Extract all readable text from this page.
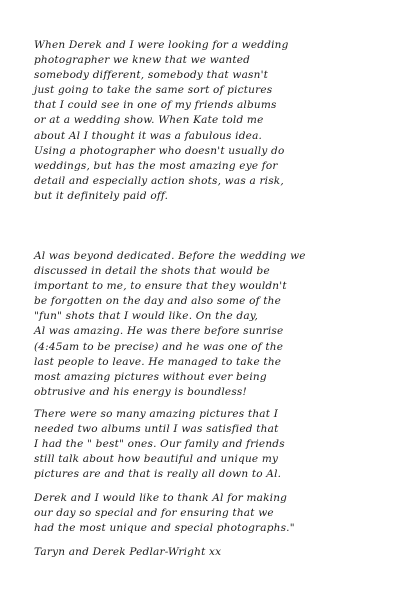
When Derek and I were looking for a wedding
photographer we knew that we wanted
somebody different, somebody that wasn't
just going to take the same sort of pictures
that I could see in one of my friends albums
or at a wedding show. When Kate told me
about Al I thought it was a fabulous idea.
Using a photographer who doesn't usually do
weddings, but has the most amazing eye for
detail and especially action shots, was a risk,
but it definitely paid off.
Al was beyond dedicated. Before the wedding we
discussed in detail the shots that would be
important to me, to ensure that they wouldn't
be forgotten on the day and also some of the
"fun" shots that I would like. On the day,
Al was amazing. He was there before sunrise
(4:45am to be precise) and he was one of the
last people to leave. He managed to take the
most amazing pictures without ever being
obtrusive and his energy is boundless!
There were so many amazing pictures that I
needed two albums until I was satisfied that
I had the " best" ones. Our family and friends
still talk about how beautiful and unique my
pictures are and that is really all down to Al.
Derek and I would like to thank Al for making
our day so special and for ensuring that we
had the most unique and special photographs."
Taryn and Derek Pedlar-Wright xx
